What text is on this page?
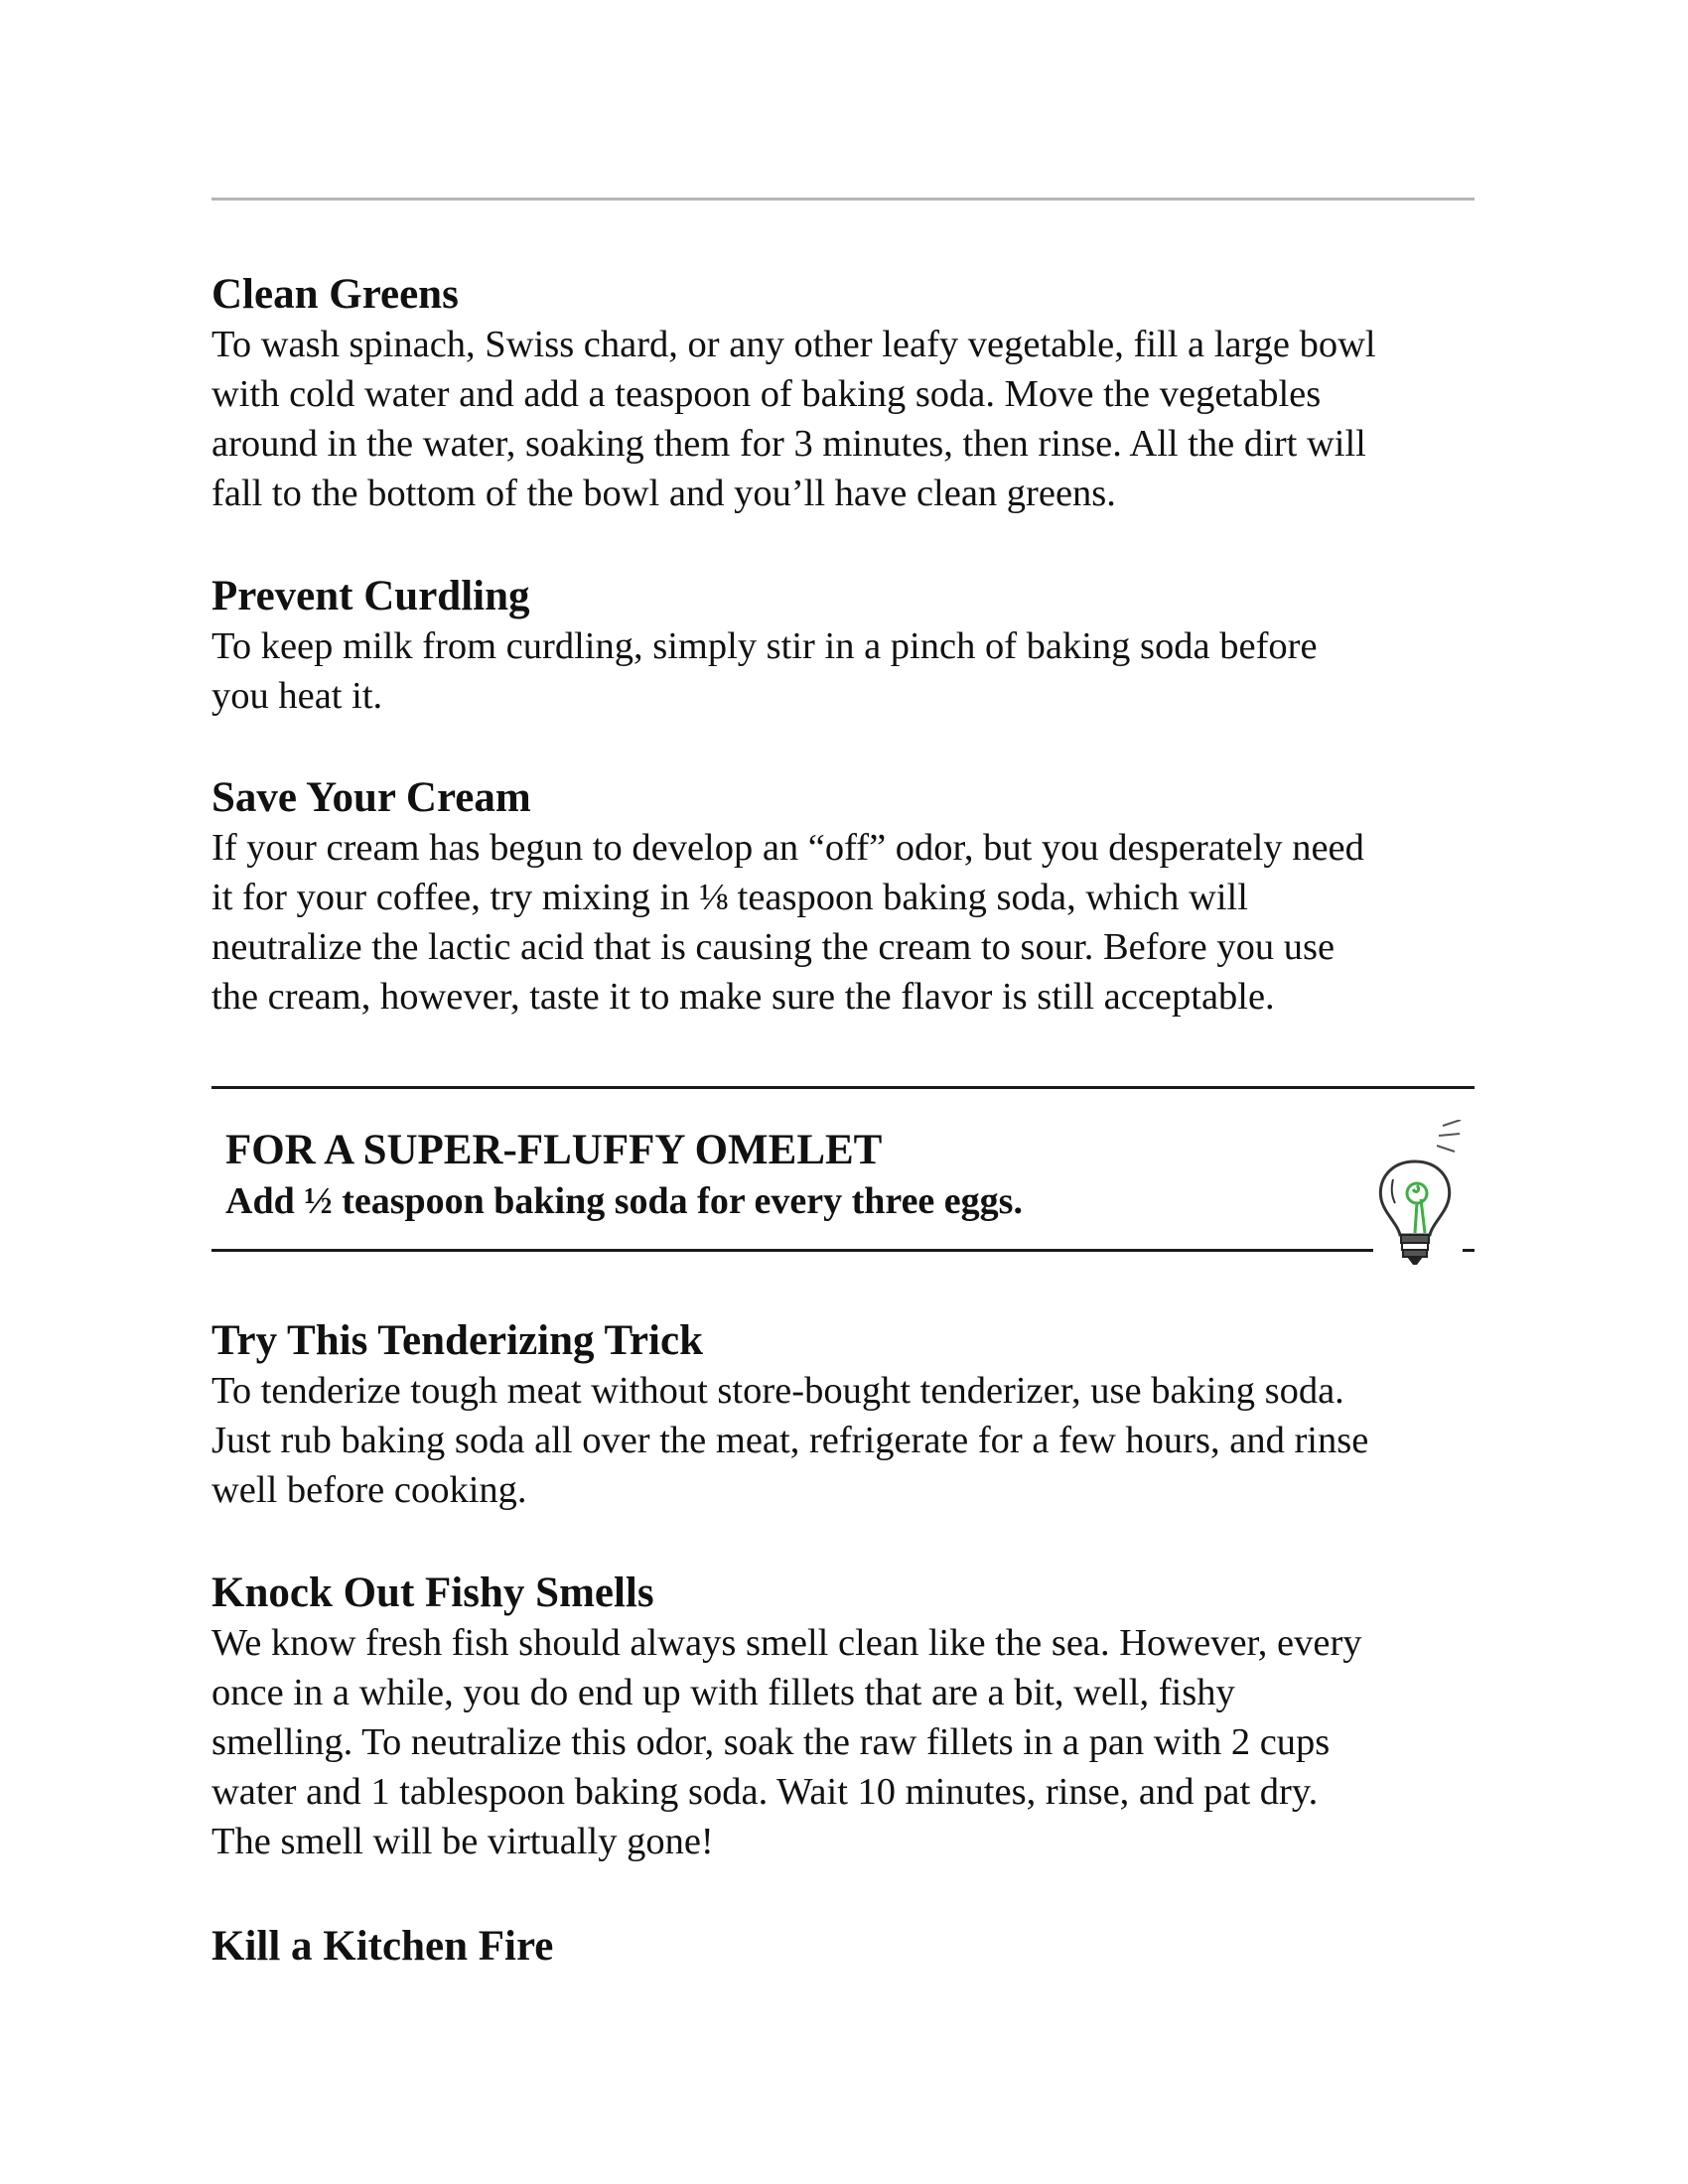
Clean Greens

To wash spinach, Swiss chard, or any other leafy vegetable, fill a large bowl

with cold water and add a teaspoon of baking soda. Move the vegetables

around in the water, soaking them for 3 minutes, then rinse. All the dirt will

fall to the bottom of the bowl and you’ll have clean greens.

Prevent Curdling

To keep milk from curdling, simply stir in a pinch of baking soda before

you heat it.

Save Your Cream

If your cream has begun to develop an “off” odor, but you desperately need

it for your coffee, try mixing in ⅛ teaspoon baking soda, which will

neutralize the lactic acid that is causing the cream to sour. Before you use

the cream, however, taste it to make sure the flavor is still acceptable.

FOR A SUPER-FLUFFY OMELET

Add ½ teaspoon baking soda for every three eggs.

Try This Tenderizing Trick

To tenderize tough meat without store-bought tenderizer, use baking soda.

Just rub baking soda all over the meat, refrigerate for a few hours, and rinse

well before cooking.

Knock Out Fishy Smells

We know fresh fish should always smell clean like the sea. However, every

once in a while, you do end up with fillets that are a bit, well, fishy

smelling. To neutralize this odor, soak the raw fillets in a pan with 2 cups

water and 1 tablespoon baking soda. Wait 10 minutes, rinse, and pat dry.

The smell will be virtually gone!

Kill a Kitchen Fire
